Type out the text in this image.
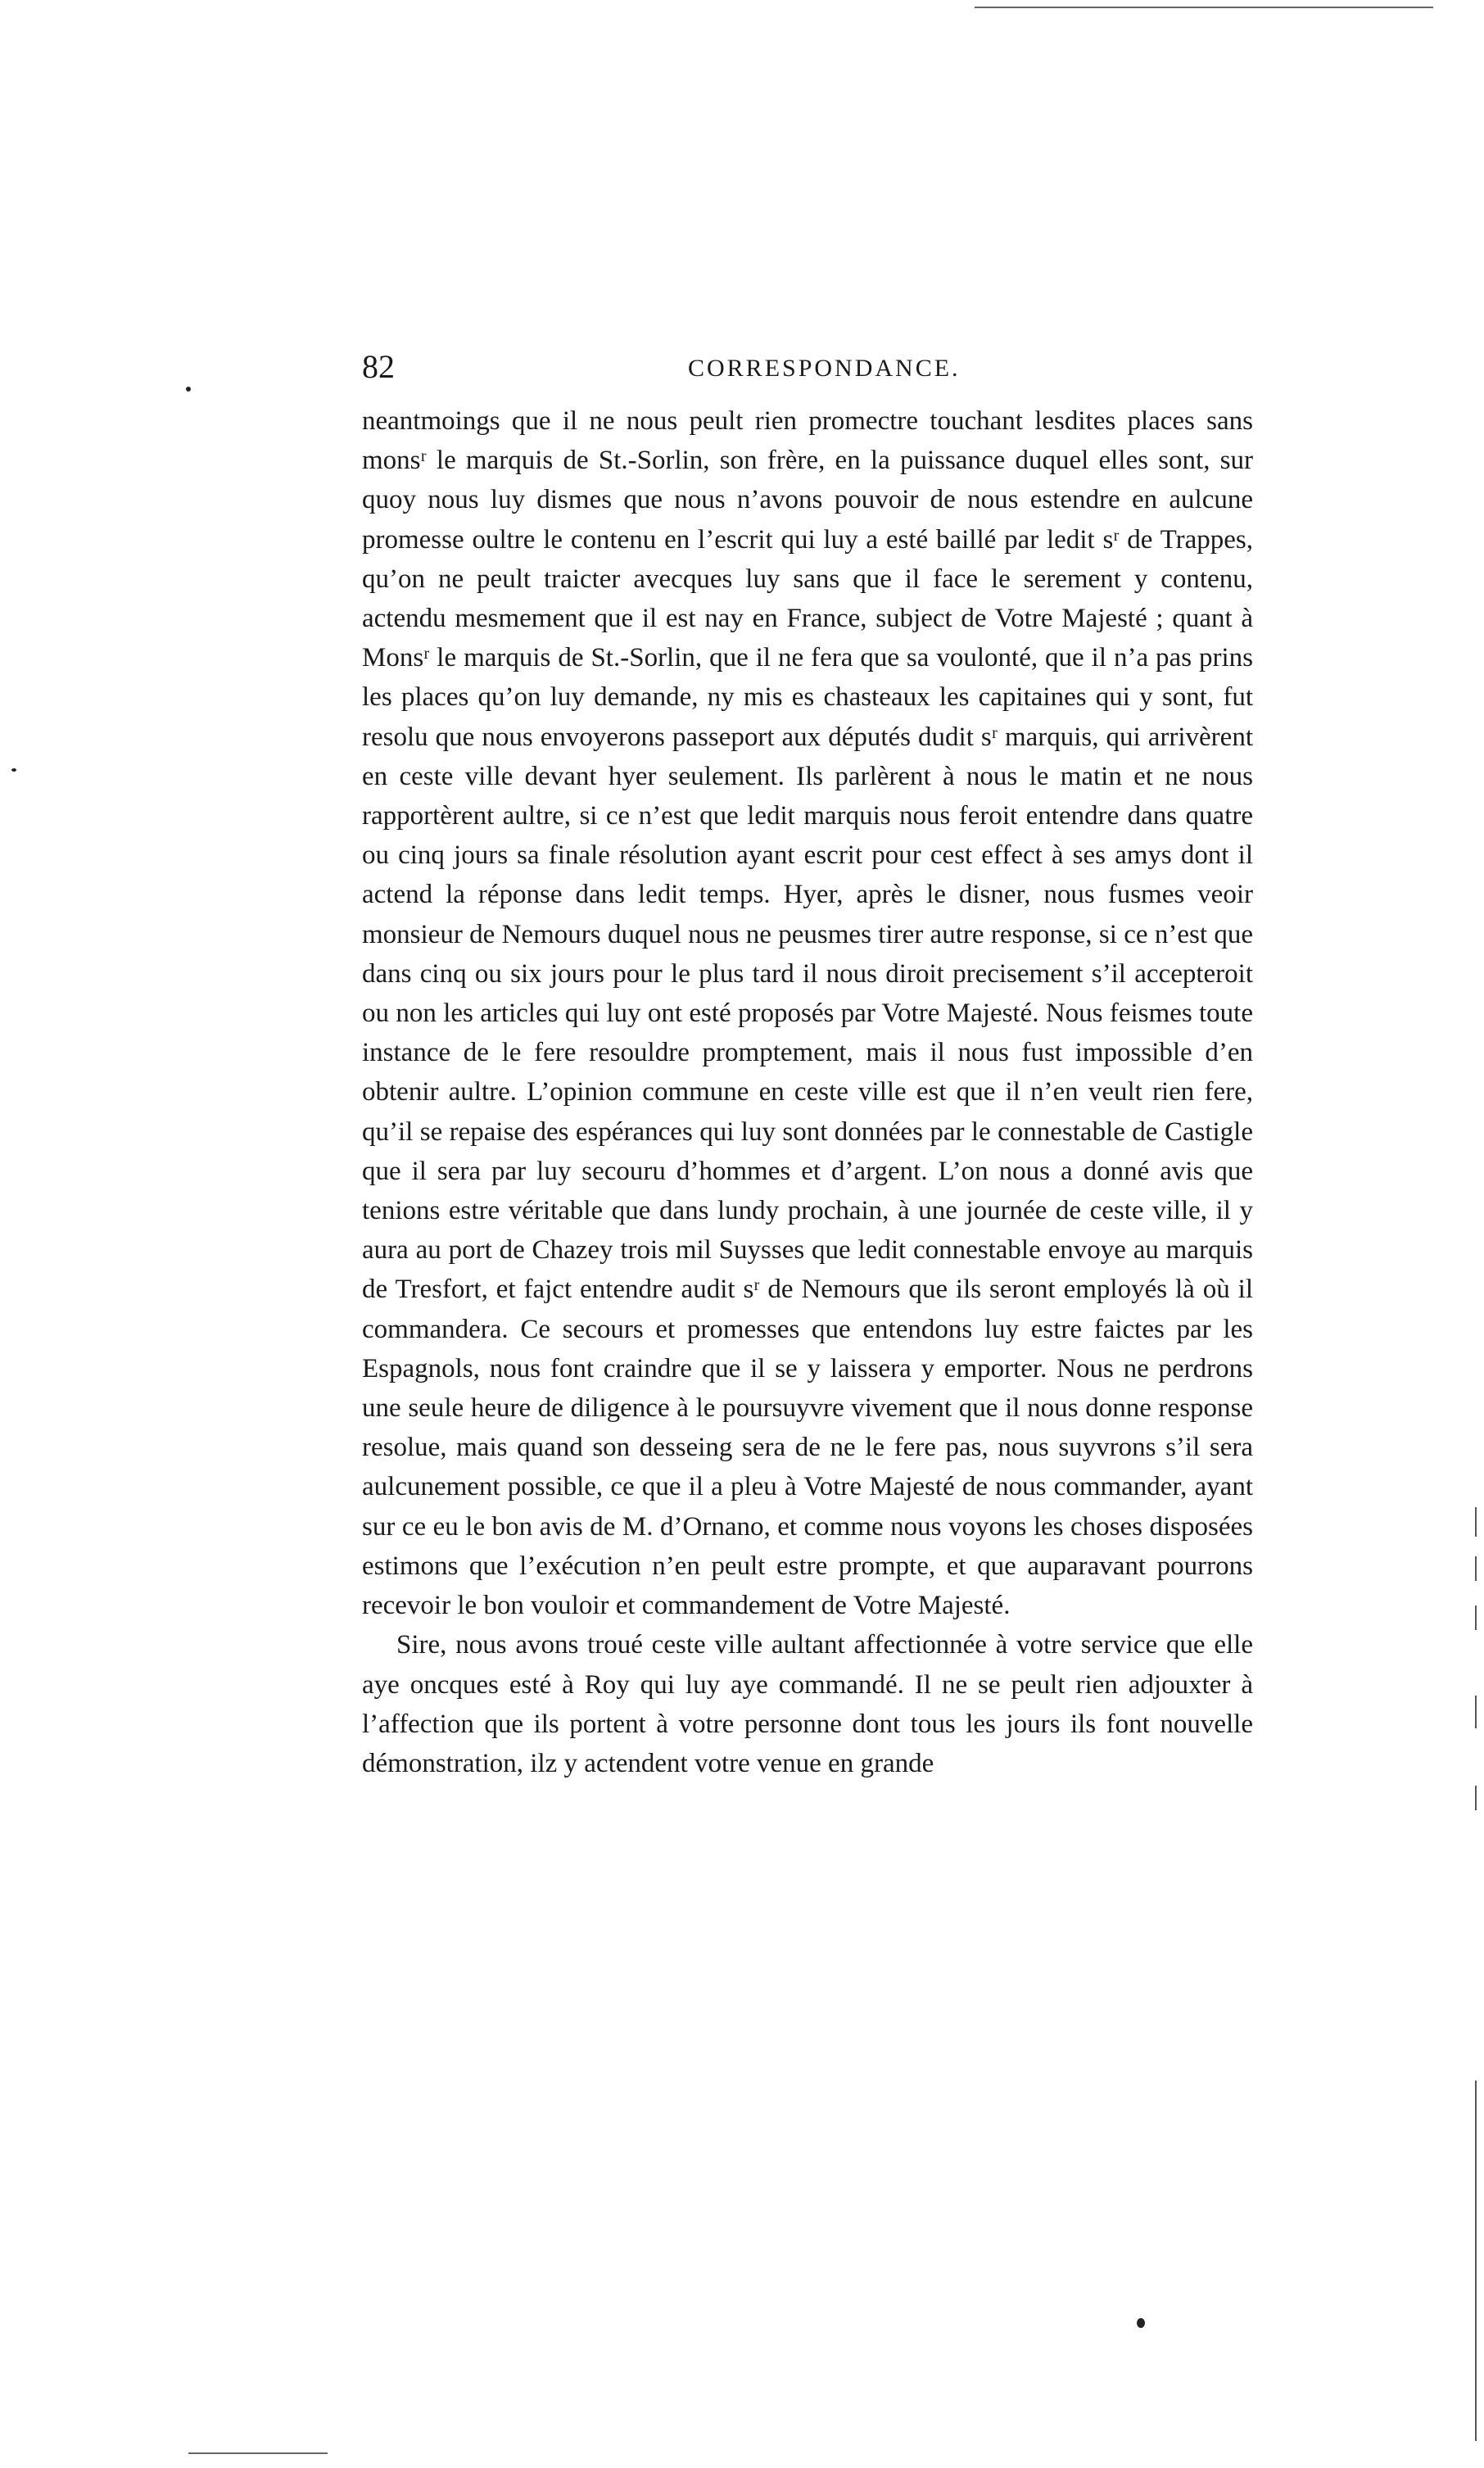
82	CORRESPONDANCE.

neantmoings que il ne nous peult rien promectre touchant lesdites places sans monsʳ le marquis de St.-Sorlin, son frère, en la puissance duquel elles sont, sur quoy nous luy dismes que nous n’avons pouvoir de nous estendre en aulcune promesse oultre le contenu en l’escrit qui luy a esté baillé par ledit sʳ de Trappes, qu’on ne peult traicter avecques luy sans que il face le serement y contenu, actendu mesmement que il est nay en France, subject de Votre Majesté ; quant à Monsʳ le marquis de St.-Sorlin, que il ne fera que sa voulonté, que il n’a pas prins les places qu’on luy demande, ny mis es chasteaux les capitaines qui y sont, fut resolu que nous envoyerons passeport aux députés dudit sʳ marquis, qui arrivèrent en ceste ville devant hyer seulement. Ils parlèrent à nous le matin et ne nous rapportèrent aultre, si ce n’est que ledit marquis nous feroit entendre dans quatre ou cinq jours sa finale résolution ayant escrit pour cest effect à ses amys dont il actend la réponse dans ledit temps. Hyer, après le disner, nous fusmes veoir monsieur de Nemours duquel nous ne peusmes tirer autre response, si ce n’est que dans cinq ou six jours pour le plus tard il nous diroit precisement s’il accepteroit ou non les articles qui luy ont esté proposés par Votre Majesté. Nous feismes toute instance de le fere resouldre promptement, mais il nous fust impossible d’en obtenir aultre. L’opinion commune en ceste ville est que il n’en veult rien fere, qu’il se repaise des espérances qui luy sont données par le connestable de Castigle que il sera par luy secouru d’hommes et d’argent. L’on nous a donné avis que tenions estre véritable que dans lundy prochain, à une journée de ceste ville, il y aura au port de Chazey trois mil Suysses que ledit connestable envoye au marquis de Tresfort, et fajct entendre audit sʳ de Nemours que ils seront employés là où il commandera. Ce secours et promesses que entendons luy estre faictes par les Espagnols, nous font craindre que il se y laissera y emporter. Nous ne perdrons une seule heure de diligence à le poursuyvre vivement que il nous donne response resolue, mais quand son desseing sera de ne le fere pas, nous suyvrons s’il sera aulcunement possible, ce que il a pleu à Votre Majesté de nous commander, ayant sur ce eu le bon avis de M. d’Ornano, et comme nous voyons les choses disposées estimons que l’exécution n’en peult estre prompte, et que auparavant pourrons recevoir le bon vouloir et commandement de Votre Majesté.

Sire, nous avons troué ceste ville aultant affectionnée à votre service que elle aye oncques esté à Roy qui luy aye commandé. Il ne se peult rien adjouxter à l’affection que ils portent à votre personne dont tous les jours ils font nouvelle démonstration, ilz y actendent votre venue en grande
